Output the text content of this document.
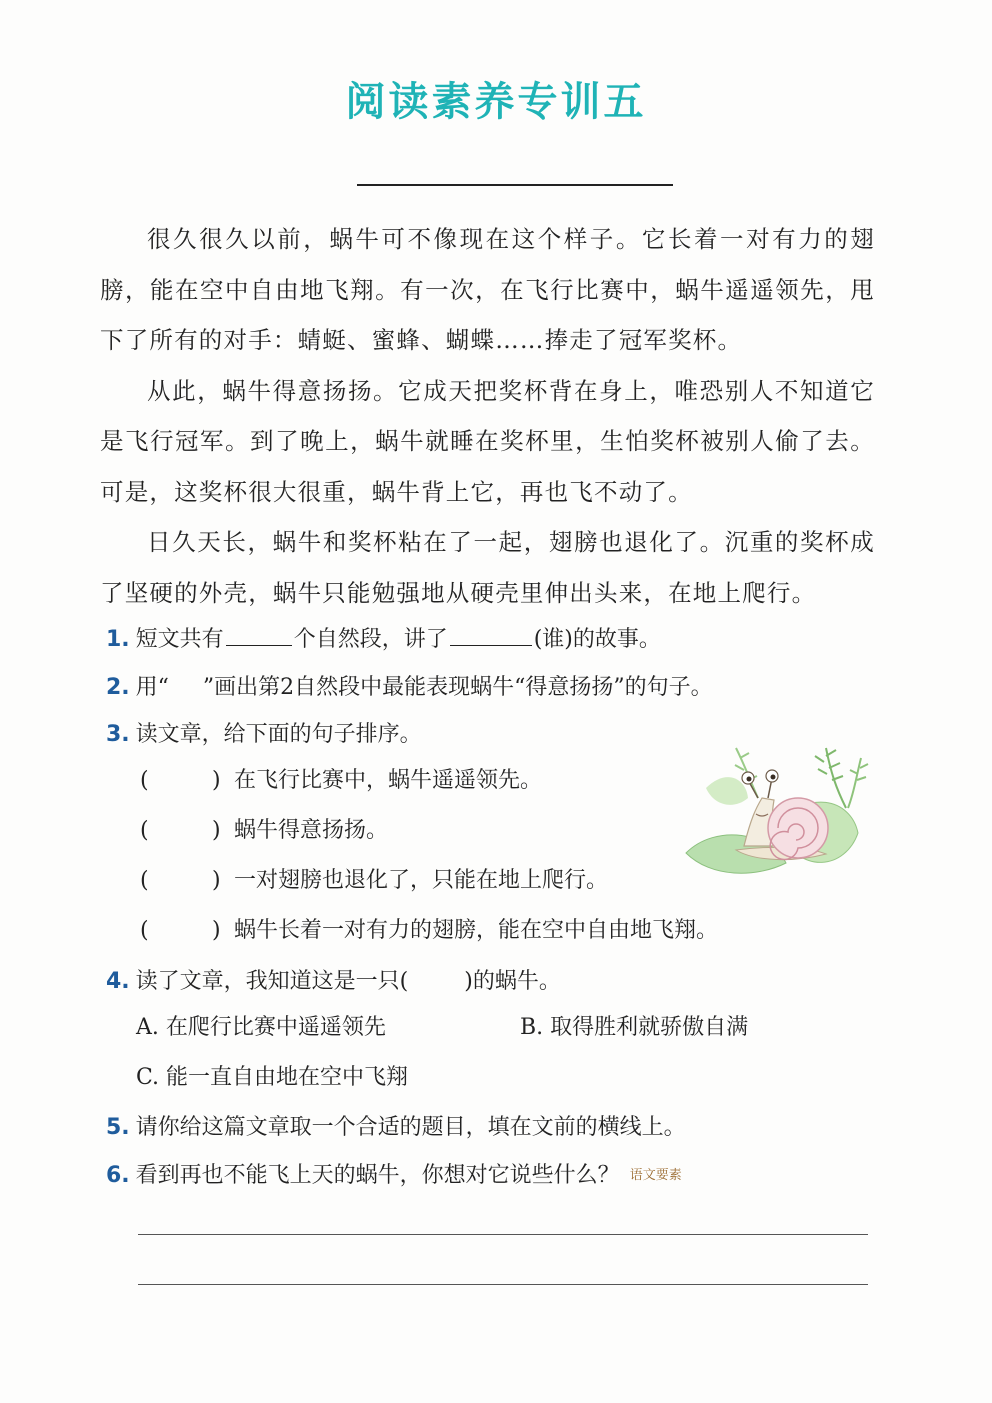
阅读素养专训五

很久很久以前，蜗牛可不像现在这个样子。它长着一对有力的翅膀，能在空中自由地飞翔。有一次，在飞行比赛中，蜗牛遥遥领先，甩下了所有的对手：蜻蜓、蜜蜂、蝴蝶……捧走了冠军奖杯。

从此，蜗牛得意扬扬。它成天把奖杯背在身上，唯恐别人不知道它是飞行冠军。到了晚上，蜗牛就睡在奖杯里，生怕奖杯被别人偷了去。可是，这奖杯很大很重，蜗牛背上它，再也飞不动了。

日久天长，蜗牛和奖杯粘在了一起，翅膀也退化了。沉重的奖杯成了坚硬的外壳，蜗牛只能勉强地从硬壳里伸出头来，在地上爬行。

1. 短文共有	个自然段，讲了	(谁)的故事。
2. 用“ ”画出第2自然段中最能表现蜗牛“得意扬扬”的句子。
3. 读文章，给下面的句子排序。
(	) 在飞行比赛中，蜗牛遥遥领先。
(	) 蜗牛得意扬扬。
(	) 一对翅膀也退化了，只能在地上爬行。
(	) 蜗牛长着一对有力的翅膀，能在空中自由地飞翔。
4. 读了文章，我知道这是一只(	)的蜗牛。
A. 在爬行比赛中遥遥领先	B. 取得胜利就骄傲自满
C. 能一直自由地在空中飞翔
5. 请你给这篇文章取一个合适的题目，填在文前的横线上。
6. 看到再也不能飞上天的蜗牛，你想对它说些什么？ 语文要素
